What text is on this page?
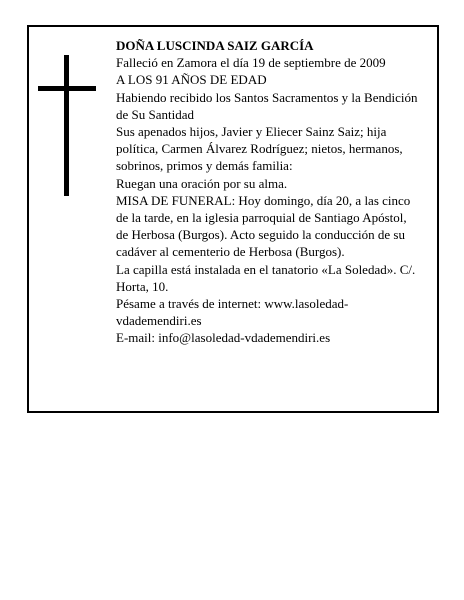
DOÑA LUSCINDA SAIZ GARCÍA

Falleció en Zamora el día 19 de septiembre de 2009

A LOS 91 AÑOS DE EDAD

Habiendo recibido los Santos Sacramentos y la Bendición de Su Santidad

Sus apenados hijos, Javier y Eliecer Sainz Saiz; hija política, Carmen Álvarez Rodríguez; nietos, hermanos, sobrinos, primos y demás familia:

Ruegan una oración por su alma.

MISA DE FUNERAL: Hoy domingo, día 20, a las cinco de la tarde, en la iglesia parroquial de Santiago Apóstol, de Herbosa (Burgos). Acto seguido la conducción de su cadáver al cementerio de Herbosa (Burgos).

La capilla está instalada en el tanatorio «La Soledad». C/. Horta, 10.

Pésame a través de internet: www.lasoledad-vdademendiri.es

E-mail: info@lasoledad-vdademendiri.es
